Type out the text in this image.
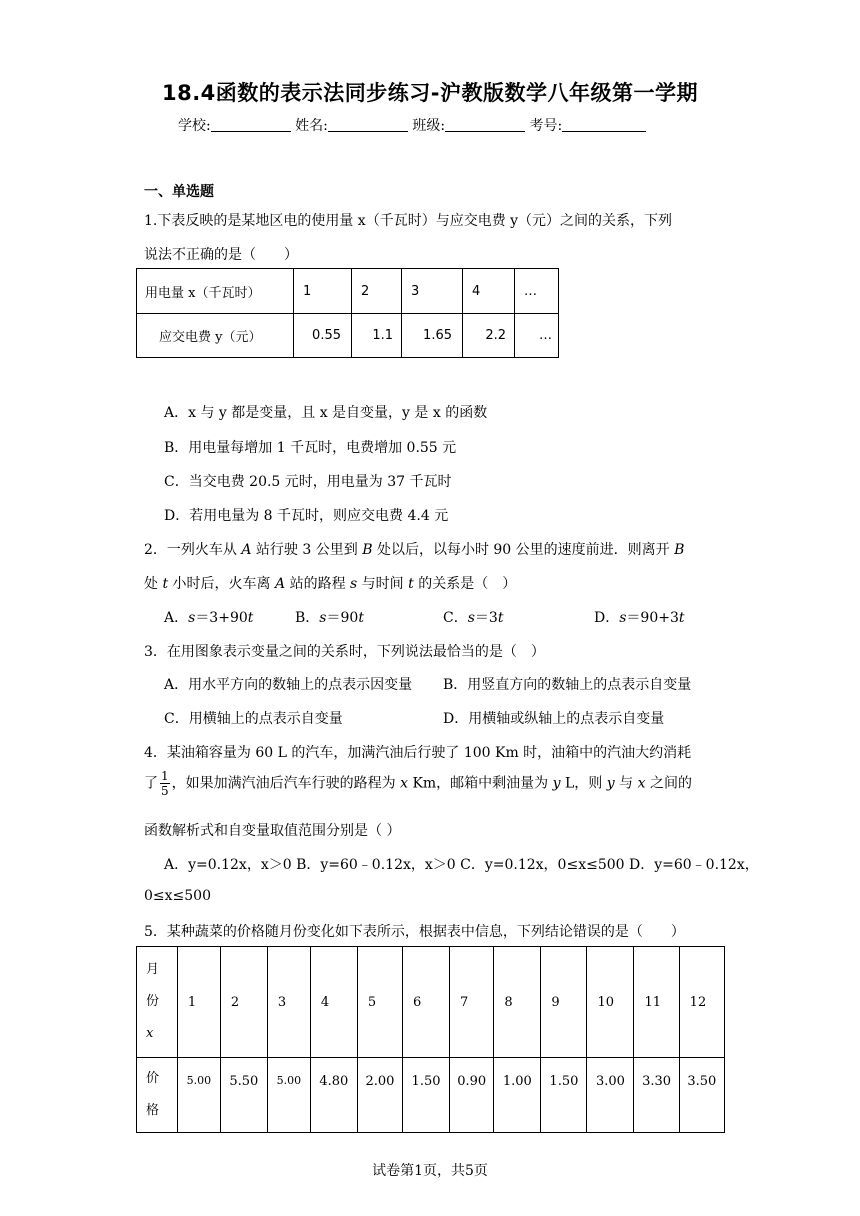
18.4函数的表示法同步练习-沪教版数学八年级第一学期
学校:	姓名:	班级:	考号:
一、单选题
1.下表反映的是某地区电的使用量 x（千瓦时）与应交电费 y（元）之间的关系，下列
说法不正确的是（　　）
用电量 x（千瓦时）	1	2	3	4	…
应交电费 y（元）	0.55	1.1	1.65	2.2	…
A．x 与 y 都是变量，且 x 是自变量，y 是 x 的函数
B．用电量每增加 1 千瓦时，电费增加 0.55 元
C．当交电费 20.5 元时，用电量为 37 千瓦时
D．若用电量为 8 千瓦时，则应交电费 4.4 元
2．一列火车从 A 站行驶 3 公里到 B 处以后，以每小时 90 公里的速度前进．则离开 B
处 t 小时后，火车离 A 站的路程 s 与时间 t 的关系是（　）
A．s＝3+90t	B．s＝90t	C．s＝3t	D．s＝90+3t
3．在用图象表示变量之间的关系时，下列说法最恰当的是（　）
A．用水平方向的数轴上的点表示因变量 B．用竖直方向的数轴上的点表示自变量
C．用横轴上的点表示自变量	D．用横轴或纵轴上的点表示自变量
4．某油箱容量为 60 L 的汽车，加满汽油后行驶了 100 Km 时，油箱中的汽油大约消耗
了 $\frac{1}{5}$ ，如果加满汽油后汽车行驶的路程为 x Km，邮箱中剩油量为 y L，则 y 与 x 之间的
函数解析式和自变量取值范围分别是（ ）
A．y=0.12x，x＞0 B．y=60﹣0.12x，x＞0 C．y=0.12x，0≤x≤500 D．y=60﹣0.12x，
0≤x≤500
5．某种蔬菜的价格随月份变化如下表所示，根据表中信息，下列结论错误的是（　　）
月
份
x	1	2	3	4	5	6	7	8	9	10	11	12

价
格	5.00	5.50	5.00	4.80	2.00	1.50	0.90	1.00	1.50	3.00	3.30	3.50
试卷第1页，共5页
